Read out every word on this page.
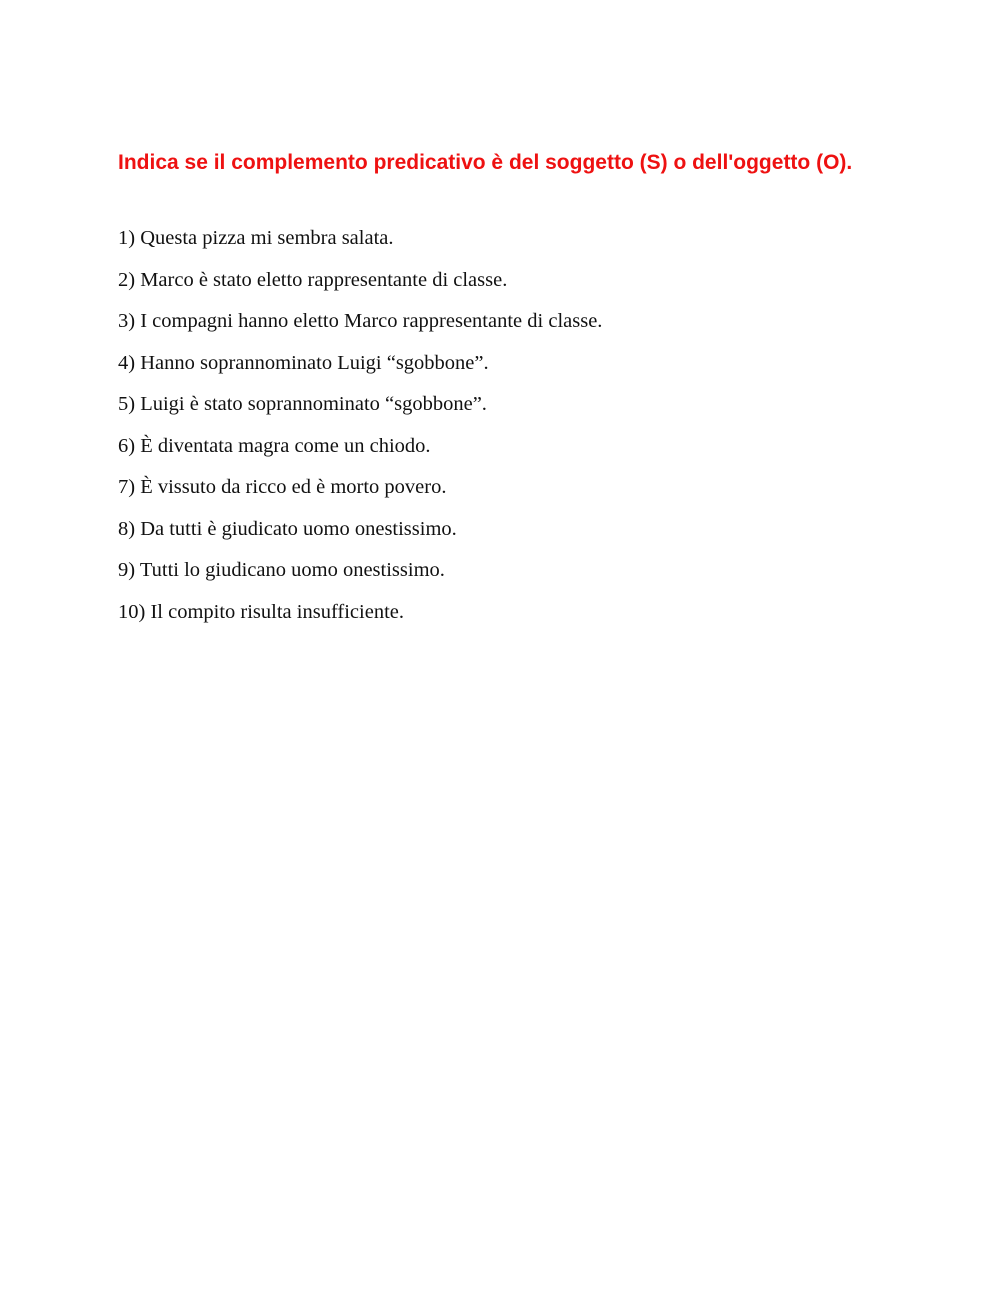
Indica se il complemento predicativo è del soggetto (S) o dell'oggetto (O).

1) Questa pizza mi sembra salata.
2) Marco è stato eletto rappresentante di classe.
3) I compagni hanno eletto Marco rappresentante di classe.
4) Hanno soprannominato Luigi “sgobbone”.
5) Luigi è stato soprannominato “sgobbone”.
6) È diventata magra come un chiodo.
7) È vissuto da ricco ed è morto povero.
8) Da tutti è giudicato uomo onestissimo.
9) Tutti lo giudicano uomo onestissimo.
10) Il compito risulta insufficiente.
